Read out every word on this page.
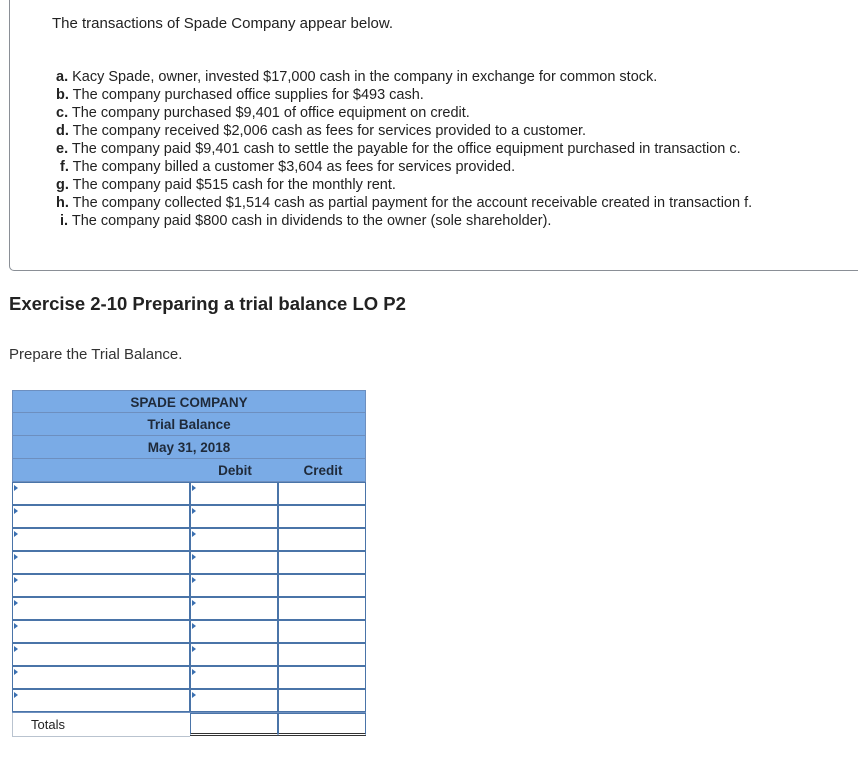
The transactions of Spade Company appear below.
a. Kacy Spade, owner, invested $17,000 cash in the company in exchange for common stock.
b. The company purchased office supplies for $493 cash.
c. The company purchased $9,401 of office equipment on credit.
d. The company received $2,006 cash as fees for services provided to a customer.
e. The company paid $9,401 cash to settle the payable for the office equipment purchased in transaction c.
f. The company billed a customer $3,604 as fees for services provided.
g. The company paid $515 cash for the monthly rent.
h. The company collected $1,514 cash as partial payment for the account receivable created in transaction f.
i. The company paid $800 cash in dividends to the owner (sole shareholder).
Exercise 2-10 Preparing a trial balance LO P2
Prepare the Trial Balance.
SPADE COMPANY
Trial Balance
May 31, 2018
Debit	Credit
Totals
